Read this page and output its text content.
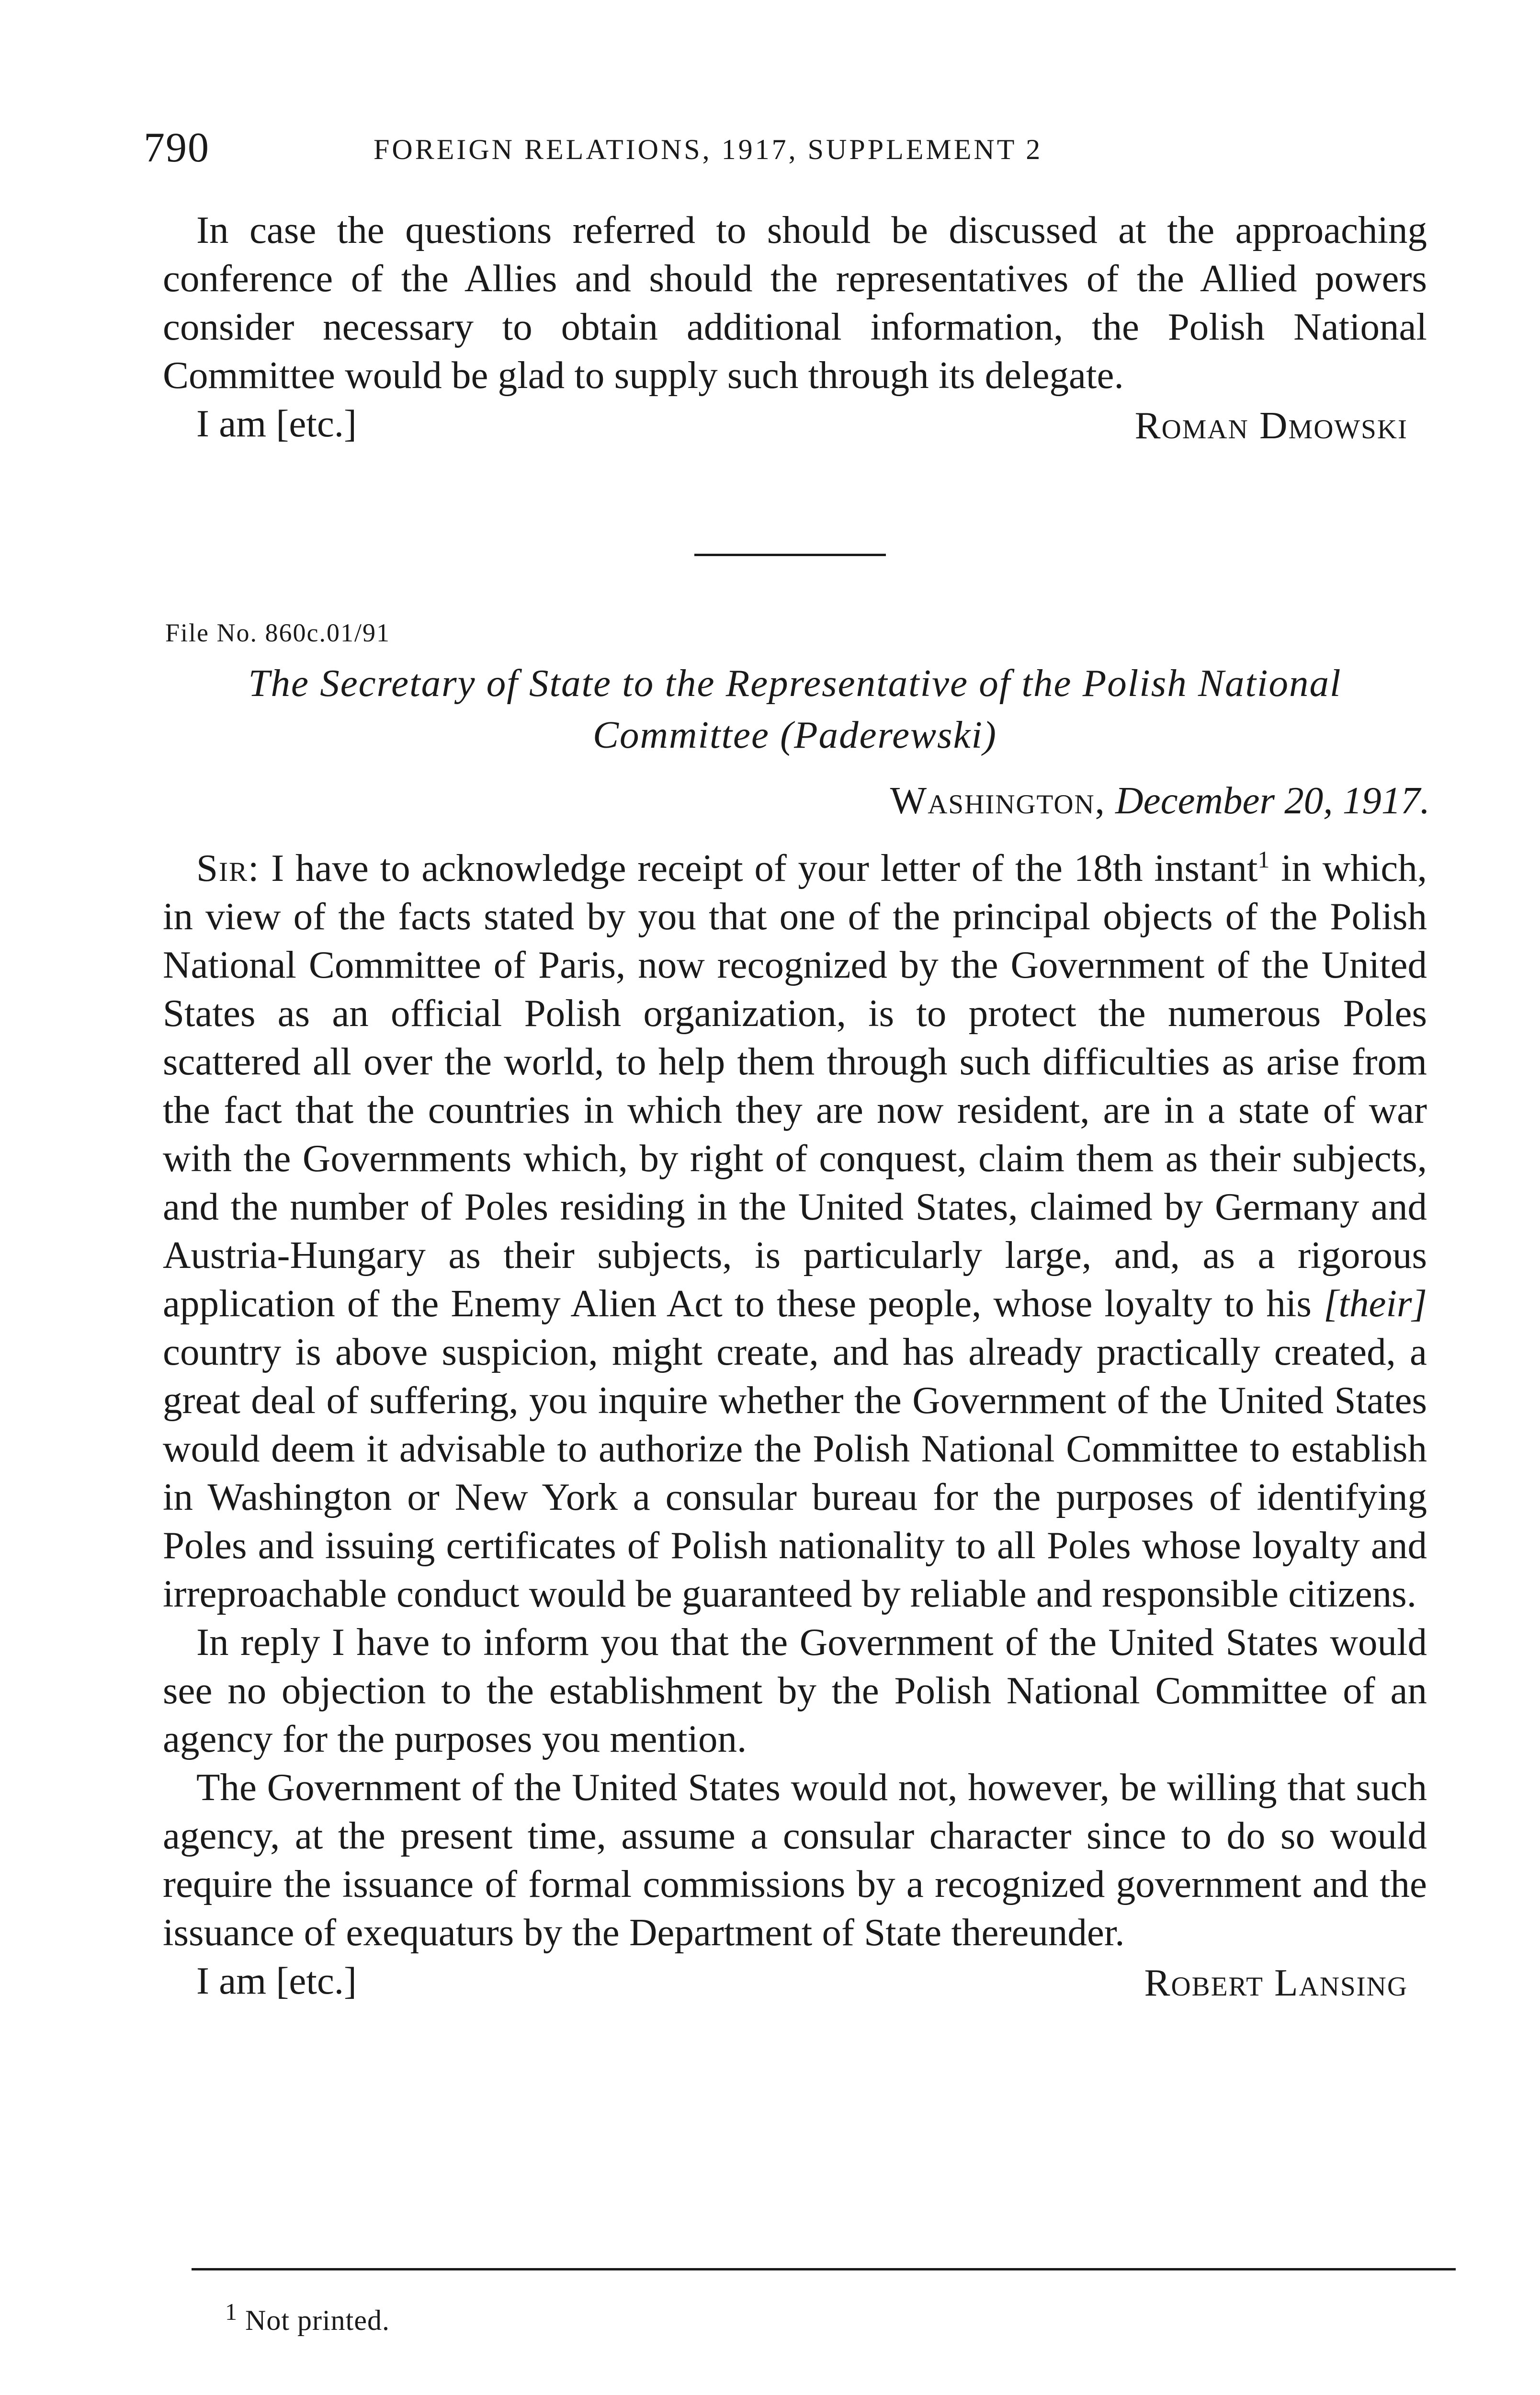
790	FOREIGN RELATIONS, 1917, SUPPLEMENT 2

In case the questions referred to should be discussed at the approaching conference of the Allies and should the representatives of the Allied powers consider necessary to obtain additional information, the Polish National Committee would be glad to supply such through its delegate.

I am [etc.]	Roman Dmowski
File No. 860c.01/91
The Secretary of State to the Representative of the Polish National
Committee (Paderewski)
Washington, December 20, 1917.

Sir: I have to acknowledge receipt of your letter of the 18th instant$^1$ in which, in view of the facts stated by you that one of the principal objects of the Polish National Committee of Paris, now recognized by the Government of the United States as an official Polish organization, is to protect the numerous Poles scattered all over the world, to help them through such difficulties as arise from the fact that the countries in which they are now resident, are in a state of war with the Governments which, by right of conquest, claim them as their subjects, and the number of Poles residing in the United States, claimed by Germany and Austria-Hungary as their subjects, is particularly large, and, as a rigorous application of the Enemy Alien Act to these people, whose loyalty to his [their] country is above suspicion, might create, and has already practically created, a great deal of suffering, you inquire whether the Government of the United States would deem it advisable to authorize the Polish National Committee to establish in Washington or New York a consular bureau for the purposes of identifying Poles and issuing certificates of Polish nationality to all Poles whose loyalty and irreproachable conduct would be guaranteed by reliable and responsible citizens.

In reply I have to inform you that the Government of the United States would see no objection to the establishment by the Polish National Committee of an agency for the purposes you mention.

The Government of the United States would not, however, be willing that such agency, at the present time, assume a consular character since to do so would require the issuance of formal commissions by a recognized government and the issuance of exequaturs by the Department of State thereunder.

I am [etc.]	Robert Lansing
$^1$ Not printed.
